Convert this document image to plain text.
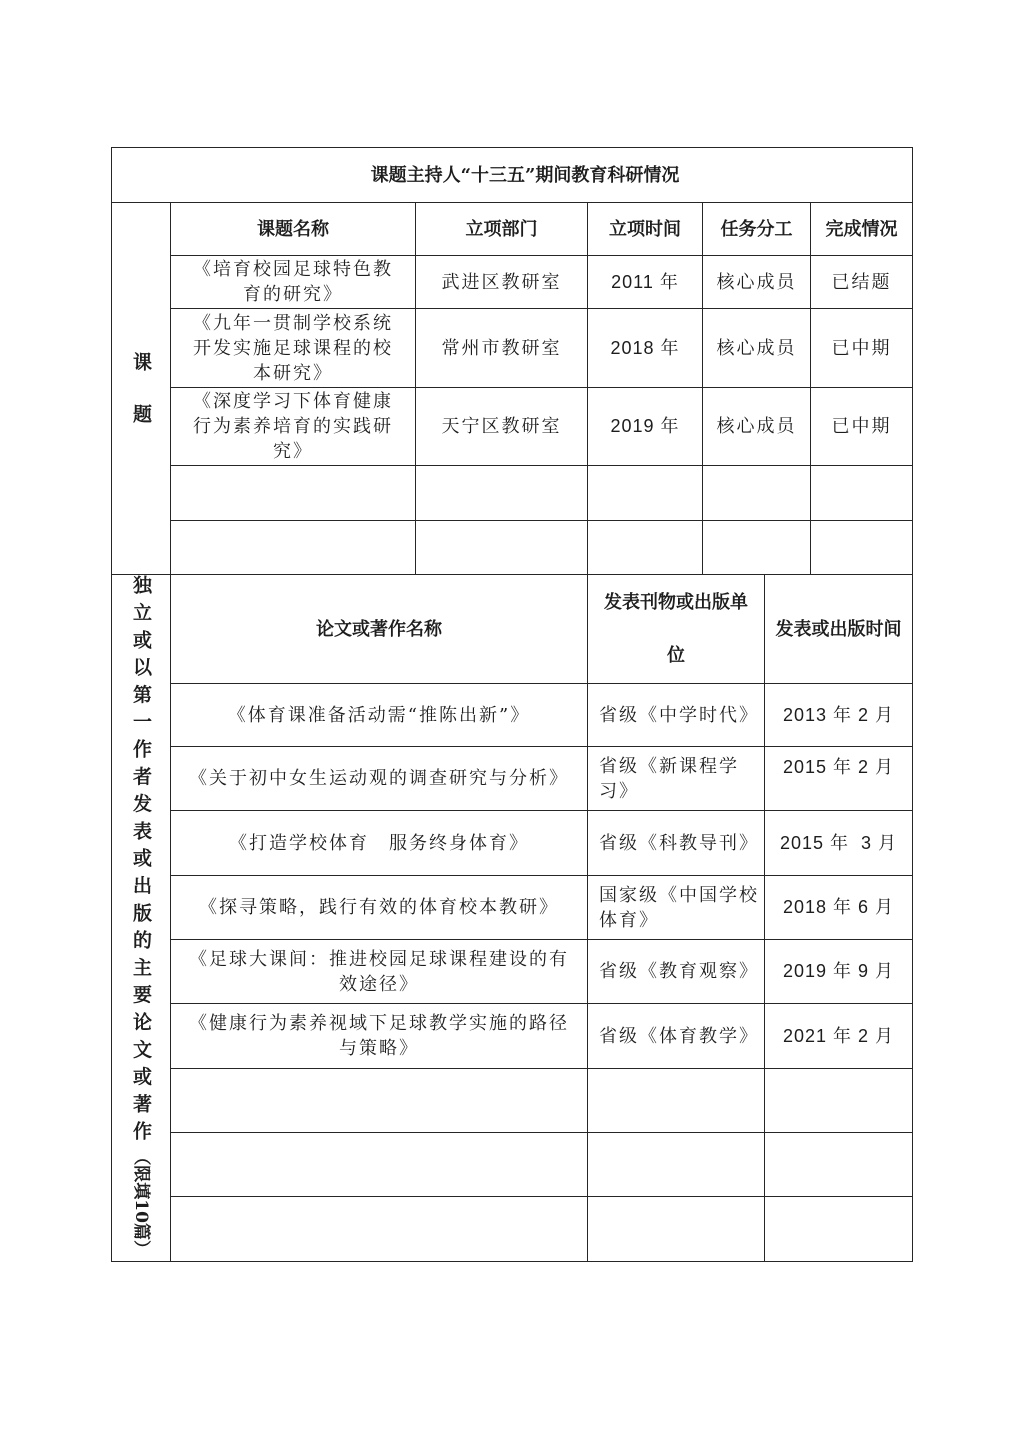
课题主持人“十三五”期间教育科研情况						

课题	课题名称	立项部门	立项时间	任务分工		完成情况
	《培育校园足球特色教育的研究》	武进区教研室	2011 年	核心成员		已结题
	《九年一贯制学校系统开发实施足球课程的校本研究》	常州市教研室	2018 年	核心成员		已中期
	《深度学习下体育健康行为素养培育的实践研究》	天宁区教研室	2019 年	核心成员		已中期

独立或以第一作者发表或出版的主要论文或著作（限填10篇）	论文或著作名称		发表刊物或出版单位		发表或出版时间	
	《体育课准备活动需“推陈出新”》		省级《中学时代》		2013 年 2 月	
	《关于初中女生运动观的调查研究与分析》		省级《新课程学习》		2015 年 2 月	
	《打造学校体育　服务终身体育》		省级《科教导刊》		2015 年  3 月	
	《探寻策略，践行有效的体育校本教研》		国家级《中国学校体育》		2018 年 6 月	
	《足球大课间：推进校园足球课程建设的有效途径》		省级《教育观察》		2019 年 9 月	
	《健康行为素养视域下足球教学实施的路径与策略》		省级《体育教学》		2021 年 2 月	
